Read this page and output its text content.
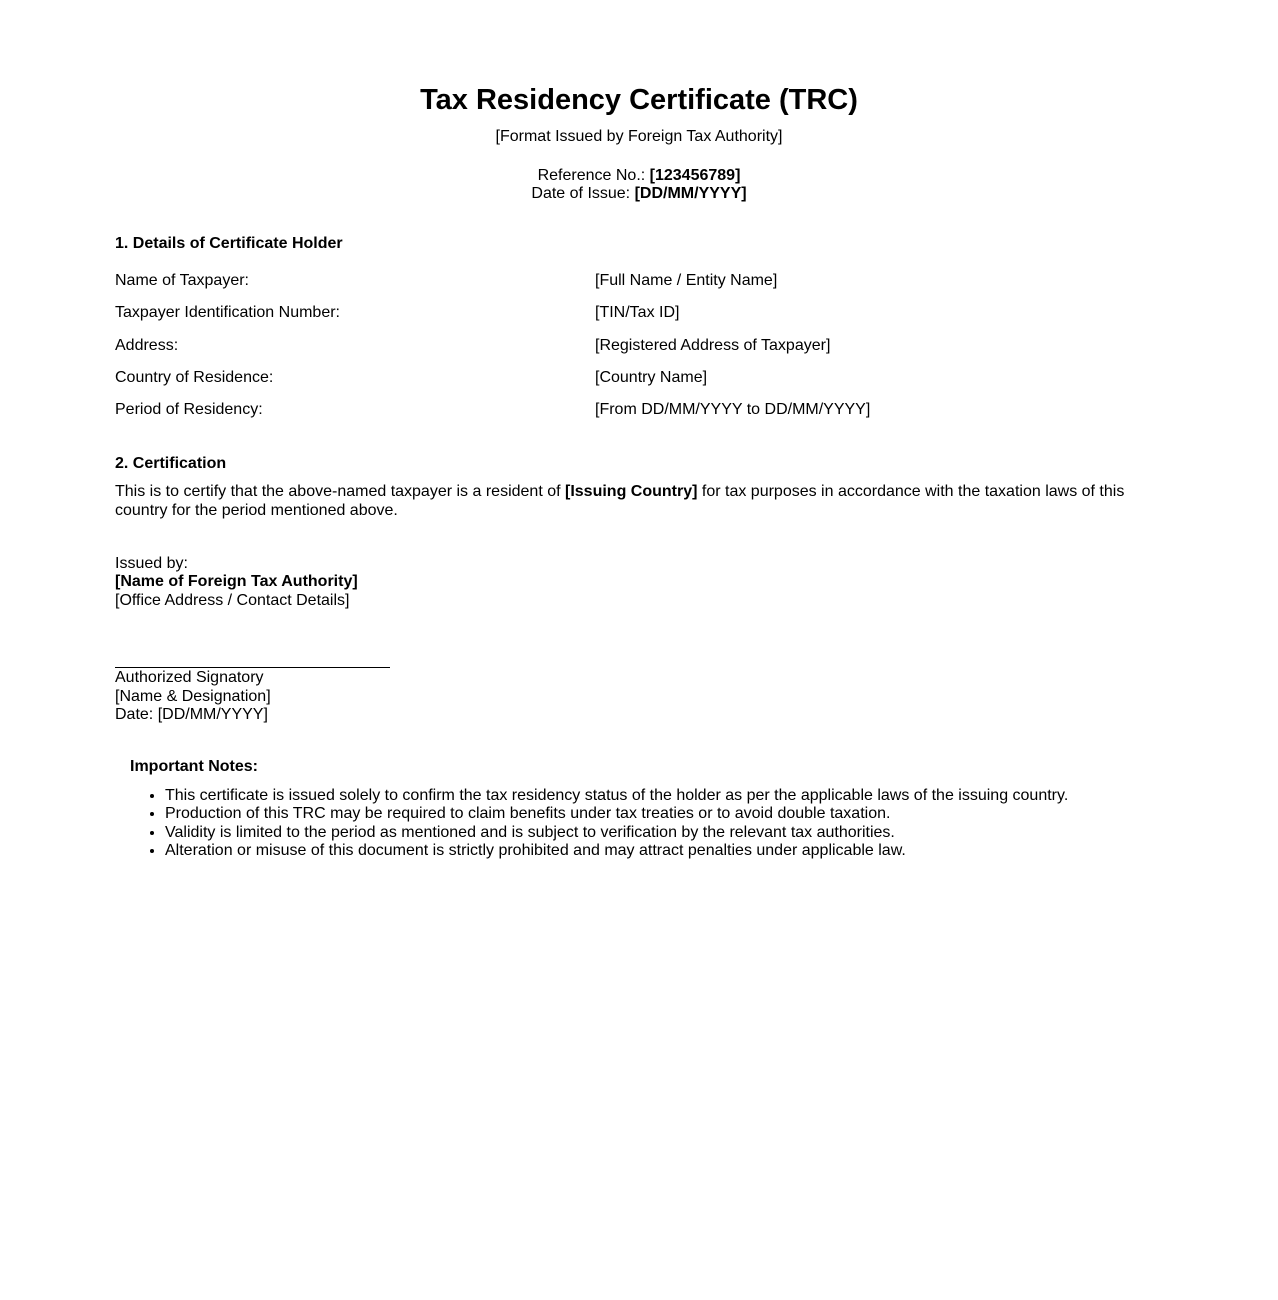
Tax Residency Certificate (TRC)
[Format Issued by Foreign Tax Authority]
Reference No.: [123456789]
Date of Issue: [DD/MM/YYYY]
1. Details of Certificate Holder
Name of Taxpayer:	[Full Name / Entity Name]
Taxpayer Identification Number:	[TIN/Tax ID]
Address:	[Registered Address of Taxpayer]
Country of Residence:	[Country Name]
Period of Residency:	[From DD/MM/YYYY to DD/MM/YYYY]
2. Certification

This is to certify that the above-named taxpayer is a resident of [Issuing Country] for tax purposes in accordance with the taxation laws of this country for the period mentioned above.

Issued by:
[Name of Foreign Tax Authority]
[Office Address / Contact Details]
Authorized Signatory
[Name & Designation]
Date: [DD/MM/YYYY]
Important Notes:
• This certificate is issued solely to confirm the tax residency status of the holder as per the applicable laws of the issuing country.
• Production of this TRC may be required to claim benefits under tax treaties or to avoid double taxation.
• Validity is limited to the period as mentioned and is subject to verification by the relevant tax authorities.
• Alteration or misuse of this document is strictly prohibited and may attract penalties under applicable law.
